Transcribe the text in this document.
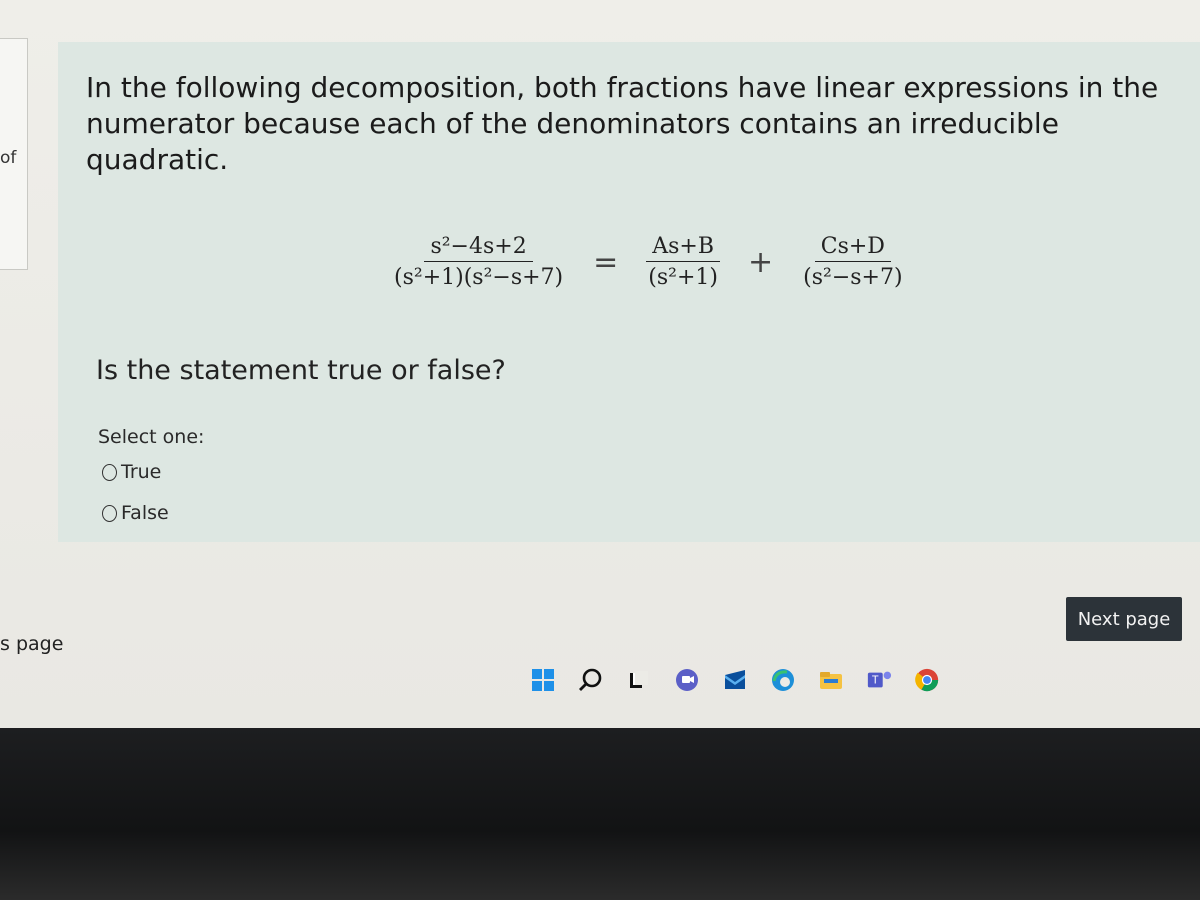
of
s page

In the following decomposition, both fractions have linear expressions in the numerator because each of the denominators contains an irreducible quadratic.

$\frac{\text{s²−4s+2}}{\text{(s²+1)(s²−s+7)}} = \frac{As+B}{\text{(s²+1)}} + \frac{Cs+D}{\text{(s²−s+7)}}$
Is the statement true or false?
Select one:
True
False
Next page
T
